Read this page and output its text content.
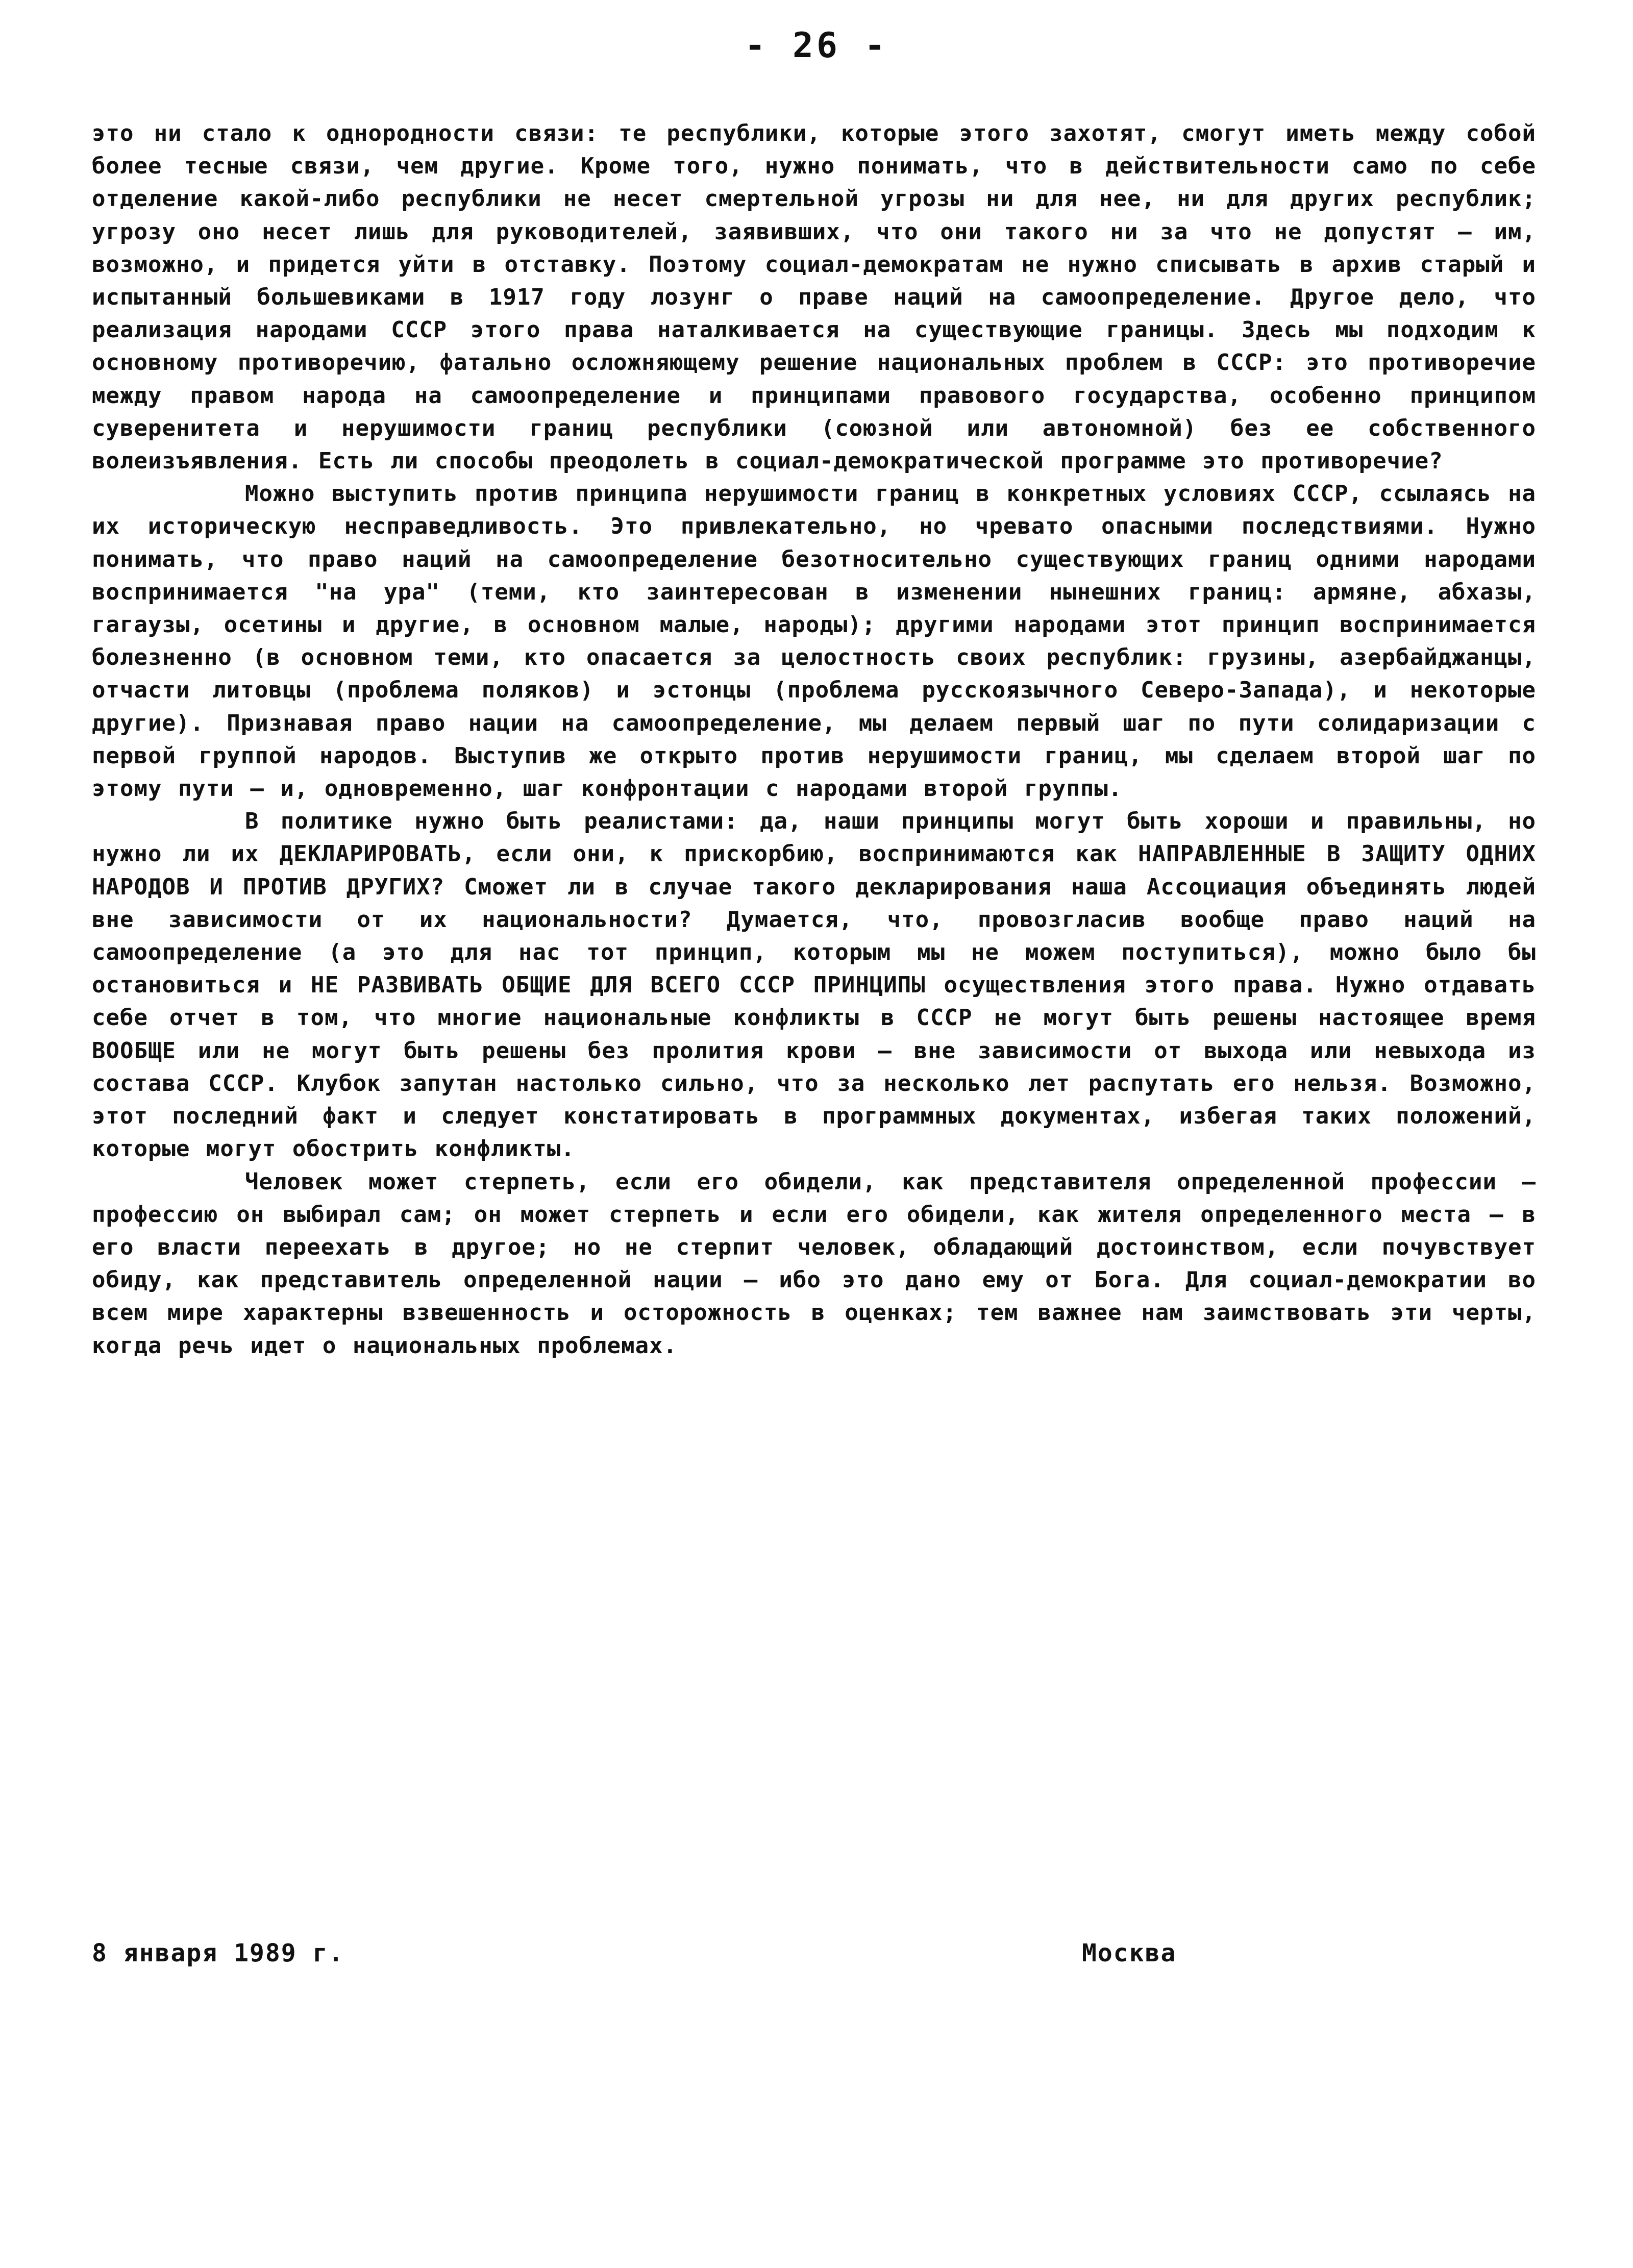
- 26 -

это ни стало к однородности связи: те республики, которые этого захотят, смогут иметь между собой более тесные связи, чем другие. Кроме того, нужно понимать, что в действительности само по себе отделение какой-либо республики не несет смертельной угрозы ни для нее, ни для других республик; угрозу оно несет лишь для руководителей, заявивших, что они такого ни за что не допустят – им, возможно, и придется уйти в отставку. Поэтому социал-демократам не нужно списывать в архив старый и испытанный большевиками в 1917 году лозунг о праве наций на самоопределение. Другое дело, что реализация народами СССР этого права наталкивается на существующие границы. Здесь мы подходим к основному противоречию, фатально осложняющему решение национальных проблем в СССР: это противоречие между правом народа на самоопределение и принципами правового государства, особенно принципом суверенитета и нерушимости границ республики (союзной или автономной) без ее собственного волеизъявления. Есть ли способы преодолеть в социал-демократической программе это противоречие?

Можно выступить против принципа нерушимости границ в конкретных условиях СССР, ссылаясь на их историческую несправедливость. Это привлекательно, но чревато опасными последствиями. Нужно понимать, что право наций на самоопределение безотносительно существующих границ одними народами воспринимается "на ура" (теми, кто заинтересован в изменении нынешних границ: армяне, абхазы, гагаузы, осетины и другие, в основном малые, народы); другими народами этот принцип воспринимается болезненно (в основном теми, кто опасается за целостность своих республик: грузины, азербайджанцы, отчасти литовцы (проблема поляков) и эстонцы (проблема русскоязычного Северо-Запада), и некоторые другие). Признавая право нации на самоопределение, мы делаем первый шаг по пути солидаризации с первой группой народов. Выступив же открыто против нерушимости границ, мы сделаем второй шаг по этому пути – и, одновременно, шаг конфронтации с народами второй группы.

В политике нужно быть реалистами: да, наши принципы могут быть хороши и правильны, но нужно ли их ДЕКЛАРИРОВАТЬ, если они, к прискорбию, воспринимаются как НАПРАВЛЕННЫЕ В ЗАЩИТУ ОДНИХ НАРОДОВ И ПРОТИВ ДРУГИХ? Сможет ли в случае такого декларирования наша Ассоциация объединять людей вне зависимости от их национальности? Думается, что, провозгласив вообще право наций на самоопределение (а это для нас тот принцип, которым мы не можем поступиться), можно было бы остановиться и НЕ РАЗВИВАТЬ ОБЩИЕ ДЛЯ ВСЕГО СССР ПРИНЦИПЫ осуществления этого права. Нужно отдавать себе отчет в том, что многие национальные конфликты в СССР не могут быть решены настоящее время ВООБЩЕ или не могут быть решены без пролития крови – вне зависимости от выхода или невыхода из состава СССР. Клубок запутан настолько сильно, что за несколько лет распутать его нельзя. Возможно, этот последний факт и следует констатировать в программных документах, избегая таких положений, которые могут обострить конфликты.

Человек может стерпеть, если его обидели, как представителя определенной профессии – профессию он выбирал сам; он может стерпеть и если его обидели, как жителя определенного места – в его власти переехать в другое; но не стерпит человек, обладающий достоинством, если почувствует обиду, как представитель определенной нации – ибо это дано ему от Бога. Для социал-демократии во всем мире характерны взвешенность и осторожность в оценках; тем важнее нам заимствовать эти черты, когда речь идет о национальных проблемах.

8 января 1989 г.	Москва
